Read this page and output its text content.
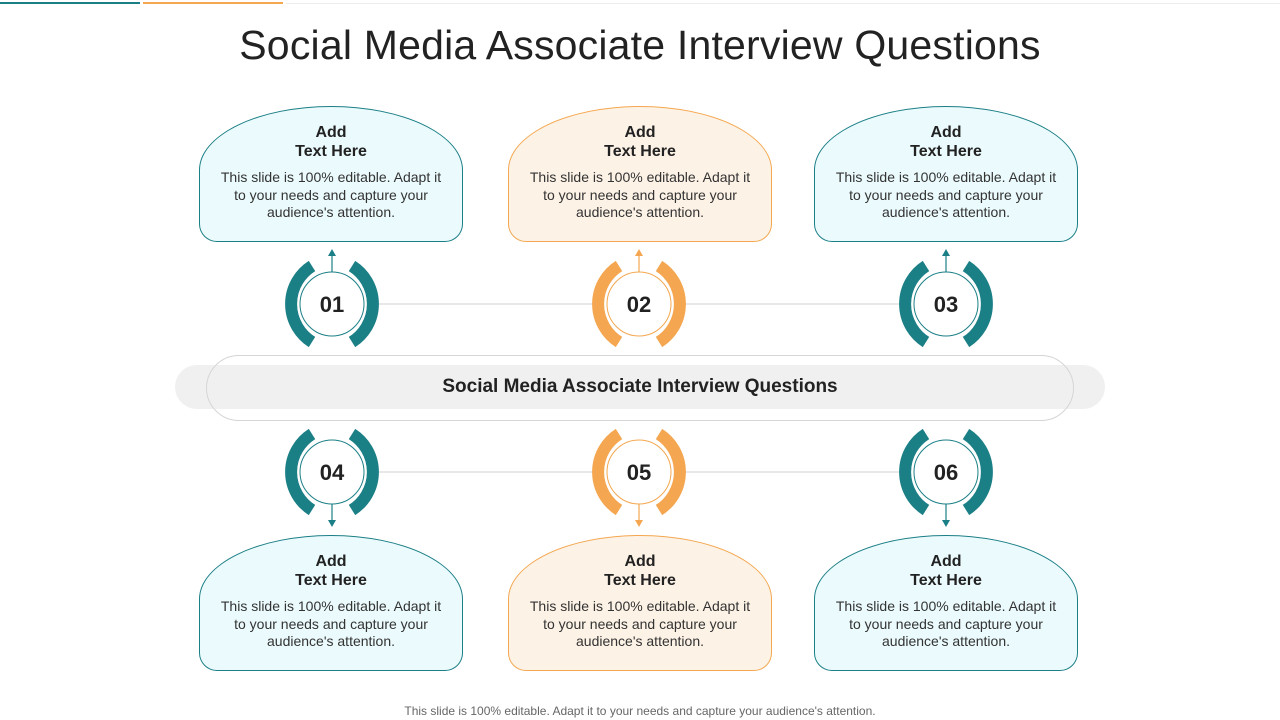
Social Media Associate Interview Questions
Add
Text Here
This slide is 100% editable. Adapt it to your needs and capture your audience's attention.
Add
Text Here
This slide is 100% editable. Adapt it to your needs and capture your audience's attention.
Add
Text Here
This slide is 100% editable. Adapt it to your needs and capture your audience's attention.
Social Media Associate Interview Questions
01	02	03
04	05	06
Add
Text Here
This slide is 100% editable. Adapt it to your needs and capture your audience's attention.
Add
Text Here
This slide is 100% editable. Adapt it to your needs and capture your audience's attention.
Add
Text Here
This slide is 100% editable. Adapt it to your needs and capture your audience's attention.
This slide is 100% editable. Adapt it to your needs and capture your audience's attention.
